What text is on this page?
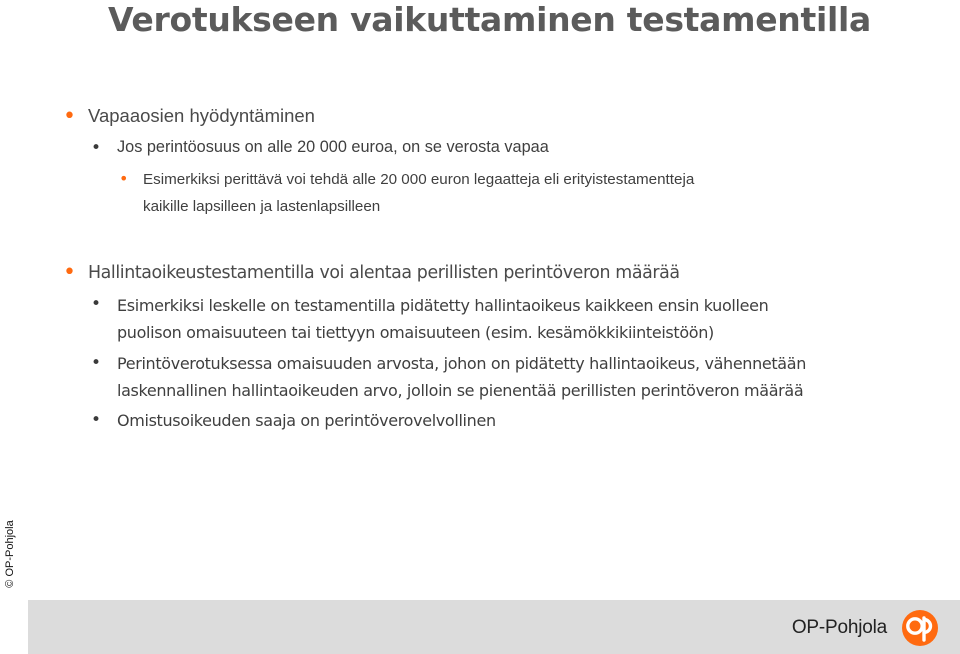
Verotukseen vaikuttaminen testamentilla
• Vapaaosien hyödyntäminen
• Jos perintöosuus on alle 20 000 euroa, on se verosta vapaa
• Esimerkiksi perittävä voi tehdä alle 20 000 euron legaatteja eli erityistestamentteja
kaikille lapsilleen ja lastenlapsilleen
• Hallintaoikeustestamentilla voi alentaa perillisten perintöveron määrää
• Esimerkiksi leskelle on testamentilla pidätetty hallintaoikeus kaikkeen ensin kuolleen
puolison omaisuuteen tai tiettyyn omaisuuteen (esim. kesämökkikiinteistöön)
• Perintöverotuksessa omaisuuden arvosta, johon on pidätetty hallintaoikeus, vähennetään
laskennallinen hallintaoikeuden arvo, jolloin se pienentää perillisten perintöveron määrää
• Omistusoikeuden saaja on perintöverovelvollinen
© OP-Pohjola
OP-Pohjola
